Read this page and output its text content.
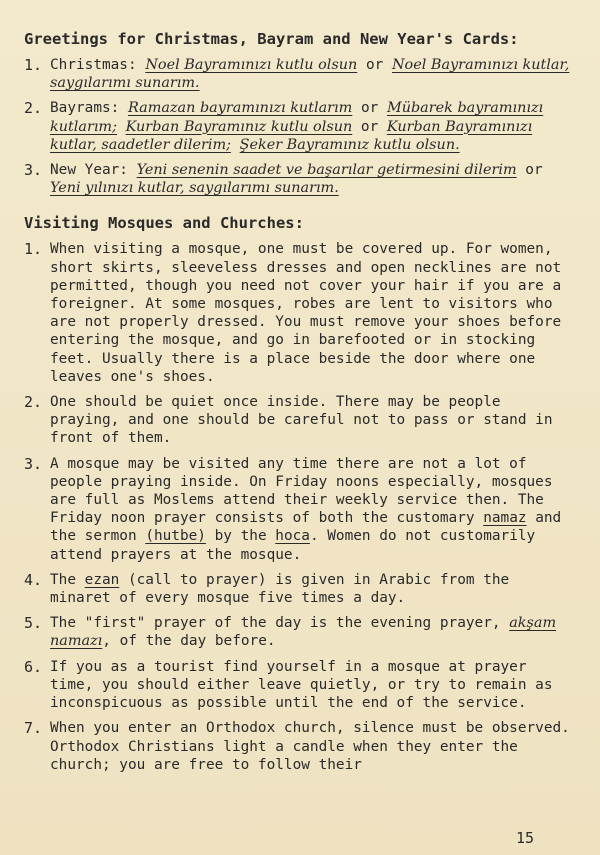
Greetings for Christmas, Bayram and New Year's Cards:
1. Christmas: Noel Bayramınızı kutlu olsun or Noel Bayramınızı kutlar, saygılarımı sunarım.
2. Bayrams: Ramazan bayramınızı kutlarım or Mübarek bayramınızı kutlarım; Kurban Bayramınız kutlu olsun or Kurban Bayramınızı kutlar, saadetler dilerim; Şeker Bayramınız kutlu olsun.
3. New Year: Yeni senenin saadet ve başarılar getirmesini dilerim or Yeni yılınızı kutlar, saygılarımı sunarım.
Visiting Mosques and Churches:
1. When visiting a mosque, one must be covered up. For women, short skirts, sleeveless dresses and open necklines are not permitted, though you need not cover your hair if you are a foreigner. At some mosques, robes are lent to visitors who are not properly dressed. You must remove your shoes before entering the mosque, and go in barefooted or in stocking feet. Usually there is a place beside the door where one leaves one's shoes.
2. One should be quiet once inside. There may be people praying, and one should be careful not to pass or stand in front of them.
3. A mosque may be visited any time there are not a lot of people praying inside. On Friday noons especially, mosques are full as Moslems attend their weekly service then. The Friday noon prayer consists of both the customary namaz and the sermon (hutbe) by the hoca. Women do not customarily attend prayers at the mosque.
4. The ezan (call to prayer) is given in Arabic from the minaret of every mosque five times a day.
5. The "first" prayer of the day is the evening prayer, akşam namazı, of the day before.
6. If you as a tourist find yourself in a mosque at prayer time, you should either leave quietly, or try to remain as inconspicuous as possible until the end of the service.
7. When you enter an Orthodox church, silence must be observed. Orthodox Christians light a candle when they enter the church; you are free to follow their
15
